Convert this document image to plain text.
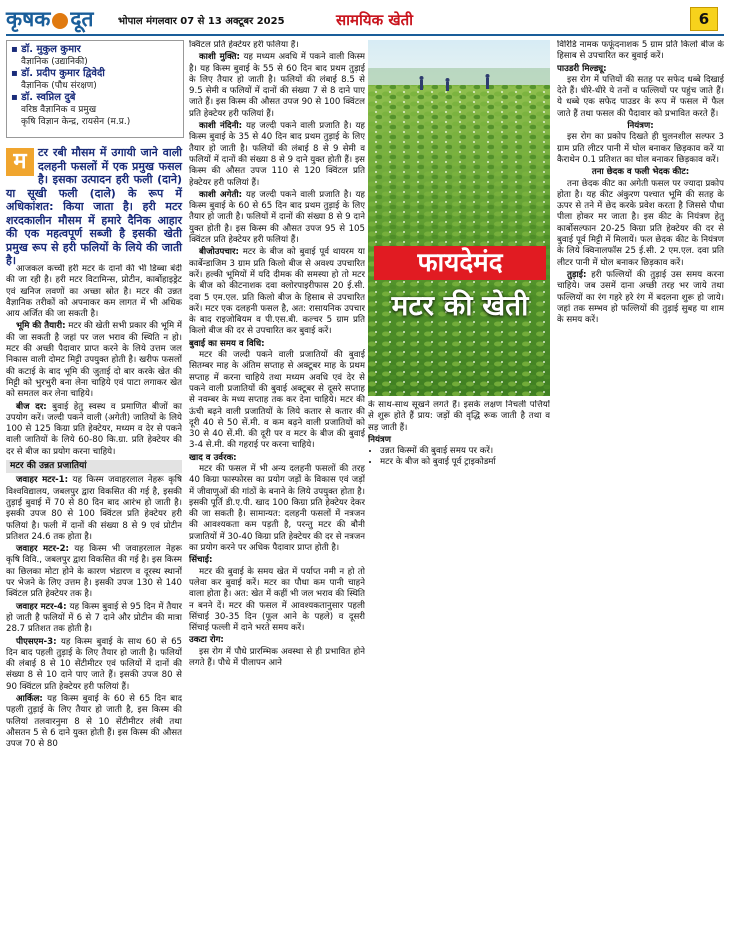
कृषक दूत भोपाल मंगलवार 07 से 13 अक्टूबर 2025	सामयिक खेती	6
▪ डॉ. मुकुल कुमार
वैज्ञानिक (उद्यानिकी)
▪ डॉ. प्रदीप कुमार द्विवेदी
वैज्ञानिक (पौध संरक्षण)
▪ डॉ. स्वप्निल दुबे
वरिष्ठ वैज्ञानिक व प्रमुख
कृषि विज्ञान केन्द्र, रायसेन (म.प्र.)
म	टर रबी मौसम में उगायी जाने वाली दलहनी फसलों में एक प्रमुख फसल है। इसका उत्पादन हरी फली (दाने) या सूखी फली (दाले) के रूप में अधिकांशत: किया जाता है। हरी मटर शरदकालीन मौसम में हमारे दैनिक आहार की एक महत्वपूर्ण सब्जी है इसकी खेती प्रमुख रूप से हरी फलियों के लिये की जाती है।

आजकल कच्ची हरी मटर के दानों की भी डिब्बा बंदी की जा रही है। हरी मटर विटामिन्स, प्रोटीन, कार्बोहाइड्रेट एवं खनिज लवणों का अच्छा स्रोत है। मटर की उन्नत वैज्ञानिक तरीकों को अपनाकर कम लागत में भी अधिक आय अर्जित की जा सकती है।

भूमि की तैयारी: मटर की खेती सभी प्रकार की भूमि में की जा सकती है जहां पर जल भराव की स्थिति न हो। मटर की अच्छी पैदावार प्राप्त करने के लिये उत्तम जल निकास वाली दोमट मिट्टी उपयुक्त होती है। खरीफ फसलों की कटाई के बाद भूमि की जुताई दो बार करके खेत की मिट्टी को भुरभुरी बना लेना चाहिये एवं पाटा लगाकर खेत को समतल कर लेना चाहिये।

बीज दर: बुवाई हेतु स्वस्थ व प्रमाणित बीजों का उपयोग करें। जल्दी पकने वाली (अगेती) जातियों के लिये 100 से 125 किग्रा प्रति हेक्टेयर, मध्यम व देर से पकने वाली जातियों के लिये 60-80 कि.ग्रा. प्रति हेक्टेयर की दर से बीज का प्रयोग करना चाहिये।

मटर की उन्नत प्रजातियां

जवाहर मटर-1: यह किस्म जवाहरलाल नेहरू कृषि विश्वविद्यालय, जबलपुर द्वारा विकसित की गई है, इसकी तुड़ाई बुवाई में 70 से 80 दिन बाद आरंभ हो जाती है। इसकी उपज 80 से 100 क्विंटल प्रति हेक्टेयर हरी फलियां है। फली में दानों की संख्या 8 से 9 एवं प्रोटीन प्रतिशत 24.6 तक होता है।

जवाहर मटर-2: यह किस्म भी जवाहरलाल नेहरू कृषि विवि., जबलपुर द्वारा विकसित की गई है। इस किस्म का छिलका मोटा होने के कारण भंडारण व दूरस्थ स्थानों पर भेजने के लिए उत्तम है। इसकी उपज 130 से 140 क्विंटल प्रति हेक्टेयर तक है।

जवाहर मटर-4: यह किस्म बुवाई से 95 दिन में तैयार हो जाती है फलियों में 6 से 7 दाने और प्रोटीन की मात्रा 28.7 प्रतिशत तक होती है।

पीएसएम-3: यह किस्म बुवाई के साथ 60 से 65 दिन बाद पहली तुड़ाई के लिए तैयार हो जाती है। फलियों की लंबाई 8 से 10 सेंटीमीटर एवं फलियों में दानों की संख्या 8 से 10 दाने पाए जाते हैं। इसकी उपज 80 से 90 क्विंटल प्रति हेक्टेयर हरी फलियां हैं।

आर्किल: यह किस्म बुवाई के 60 से 65 दिन बाद पहली तुड़ाई के लिए तैयार हो जाती है, इस किस्म की फलियां तलवारनुमा 8 से 10 सेंटीमीटर लंबी तथा औसतन 5 से 6 दाने युक्त होती हैं। इस किस्म की औसत उपज 70 से 80

क्विंटल प्रति हेक्टेयर हरी फलिया हैं।

काशी मुक्ति: यह मध्यम अवधि में पकने वाली किस्म है। यह किस्म बुवाई के 55 से 60 दिन बाद प्रथम तुड़ाई के लिए तैयार हो जाती है। फलियों की लंबाई 8.5 से 9.5 सेमी व फलियों में दानों की संख्या 7 से 8 दाने पाए जाते हैं। इस किस्म की औसत उपज 90 से 100 क्विंटल प्रति हेक्टेयर हरी फलियां हैं।

काशी नंदिनी: यह जल्दी पकने वाली प्रजाति है। यह किस्म बुवाई के 35 से 40 दिन बाद प्रथम तुड़ाई के लिए तैयार हो जाती है। फलियों की लंबाई 8 से 9 सेमी व फलियों में दानों की संख्या 8 से 9 दाने युक्त होती हैं। इस किस्म की औसत उपज 110 से 120 क्विंटल प्रति हेक्टेयर हरी फलियां हैं।

काशी अगेती: यह जल्दी पकने वाली प्रजाति है। यह किस्म बुवाई के 60 से 65 दिन बाद प्रथम तुड़ाई के लिए तैयार हो जाती है। फलियों में दानों की संख्या 8 से 9 दाने युक्त होती है। इस किस्म की औसत उपज 95 से 105 क्विंटल प्रति हेक्टेयर हरी फलियां हैं।

बीजोउपचार: मटर के बीज को बुवाई पूर्व थायरम या कार्बेन्डाजिम 3 ग्राम प्रति किलो बीज से अवश्य उपचारित करें। हल्की भूमियों में यदि दीमक की समस्या हो तो मटर के बीज को कीटनाशक दवा क्लोरपाइरीफास 20 ई.सी. दवा 5 एम.एल. प्रति किलो बीज के हिसाब से उपचारित करें। मटर एक दलहनी फसल है, अत: रासायनिक उपचार के बाद राइजोबियम व पी.एस.बी. कल्चर 5 ग्राम प्रति किलो बीज की दर से उपचारित कर बुवाई करें।

बुवाई का समय व विधि:

मटर की जल्दी पकने वाली प्रजातियों की बुवाई सितम्बर माह के अंतिम सप्ताह से अक्टूबर माह के प्रथम सप्ताह में करना चाहिये तथा मध्यम अवधि एवं देर से पकने वाली प्रजातियों की बुवाई अक्टूबर से दूसरे सप्ताह से नवम्बर के मध्य सप्ताह तक कर देना चाहिये। मटर की ऊंची बढ़ने वाली प्रजातियों के लिये कतार से कतार की दूरी 40 से 50 सें.मी. व कम बढ़ने वाली प्रजातियों को 30 से 40 सें.मी. की दूरी पर व मटर के बीज की बुवाई 3-4 से.मी. की गहराई पर करना चाहिये।

खाद व उर्वरक:

मटर की फसल में भी अन्य दलहनी फसलों की तरह 40 किग्रा फास्फोरस का प्रयोग जड़ों के विकास एवं जड़ों में जीवाणुओं की गांठों के बनाने के लिये उपयुक्त होता है। इसकी पूर्ति डी.ए.पी. खाद 100 किग्रा प्रति हेक्टेयर देकर की जा सकती है। सामान्यत: दलहनी फसलों में नत्रजन की आवश्यकता कम पड़ती है, परन्तु मटर की बौनी प्रजातियों में 30-40 किग्रा प्रति हेक्टेयर की दर से नत्रजन का प्रयोग करने पर अधिक पैदावार प्राप्त होती है।

सिंचाई:

मटर की बुवाई के समय खेत में पर्याप्त नमी न हो तो पलेवा कर बुवाई करें। मटर का पौधा कम पानी चाहने वाला होता है। अत: खेत में कहीं भी जल भराव की स्थिति न बनने दें। मटर की फसल में आवश्यकतानुसार पहली सिंचाई 30-35 दिन (फूल आने के पहले) व दूसरी सिंचाई फल्ली में दाने भरते समय करें।

उकटा रोग:

इस रोग में पौधे प्रारम्भिक अवस्था से ही प्रभावित होने लगते हैं। पौधे में पीलापन आने

फायदेमंद
मटर की खेती

के साथ-साथ सूखने लगते हैं। इसके लक्षण निचली पत्तियों से शुरू होते हैं प्राय: जड़ों की वृद्धि रूक जाती है तथा व सड़ जाती हैं।

नियंत्रण
• उन्नत किस्मों की बुवाई समय पर करें।
• मटर के बीज को बुवाई पूर्व ट्राइकोडर्मा

विरिडि नामक फफूंदनाशक 5 ग्राम प्रति किलो बीज के हिसाब से उपचारित कर बुवाई करें।

पाउडरी मिल्ड्यू:

इस रोग में पत्तियों की सतह पर सफेद धब्बे दिखाई देते हैं। धीरे-धीरे ये तनों व फल्लियों पर पहुंच जाते हैं। ये धब्बे एक सफेद पाउडर के रूप में फसल में फैल जाते हैं तथा फसल की पैदावार को प्रभावित करते हैं।

नियंत्रण:

इस रोग का प्रकोप दिखते ही घुलनशील सल्फर 3 ग्राम प्रति लीटर पानी में घोल बनाकर छिड़काव करें या कैराथेन 0.1 प्रतिशत का घोल बनाकर छिड़काव करें।

तना छेदक व फली भेदक कीट:

तना छेदक कीट का अगेती फसल पर ज्यादा प्रकोप होता है। यह कीट अंकुरण पश्चात भूमि की सतह के ऊपर से तने में छेद करके प्रवेश करता है जिससे पौधा पीला होकर मर जाता है। इस कीट के नियंत्रण हेतु कार्बोसल्फान 20-25 किग्रा प्रति हेक्टेयर की दर से बुवाई पूर्व मिट्टी में मिलायें। फल छेदक कीट के नियंत्रण के लिये क्विनालफॉस 25 ई.सी. 2 एम.एल. दवा प्रति लीटर पानी में घोल बनाकर छिड़काव करें।

तुड़ाई: हरी फल्लियों की तुड़ाई उस समय करना चाहिये। जब उसमें दाना अच्छी तरह भर जाये तथा फल्लियों का रंग गहरे हरे रंग में बदलना शुरू हो जाये। जहां तक सम्भव हो फल्लियों की तुड़ाई सुबह या शाम के समय करें।
